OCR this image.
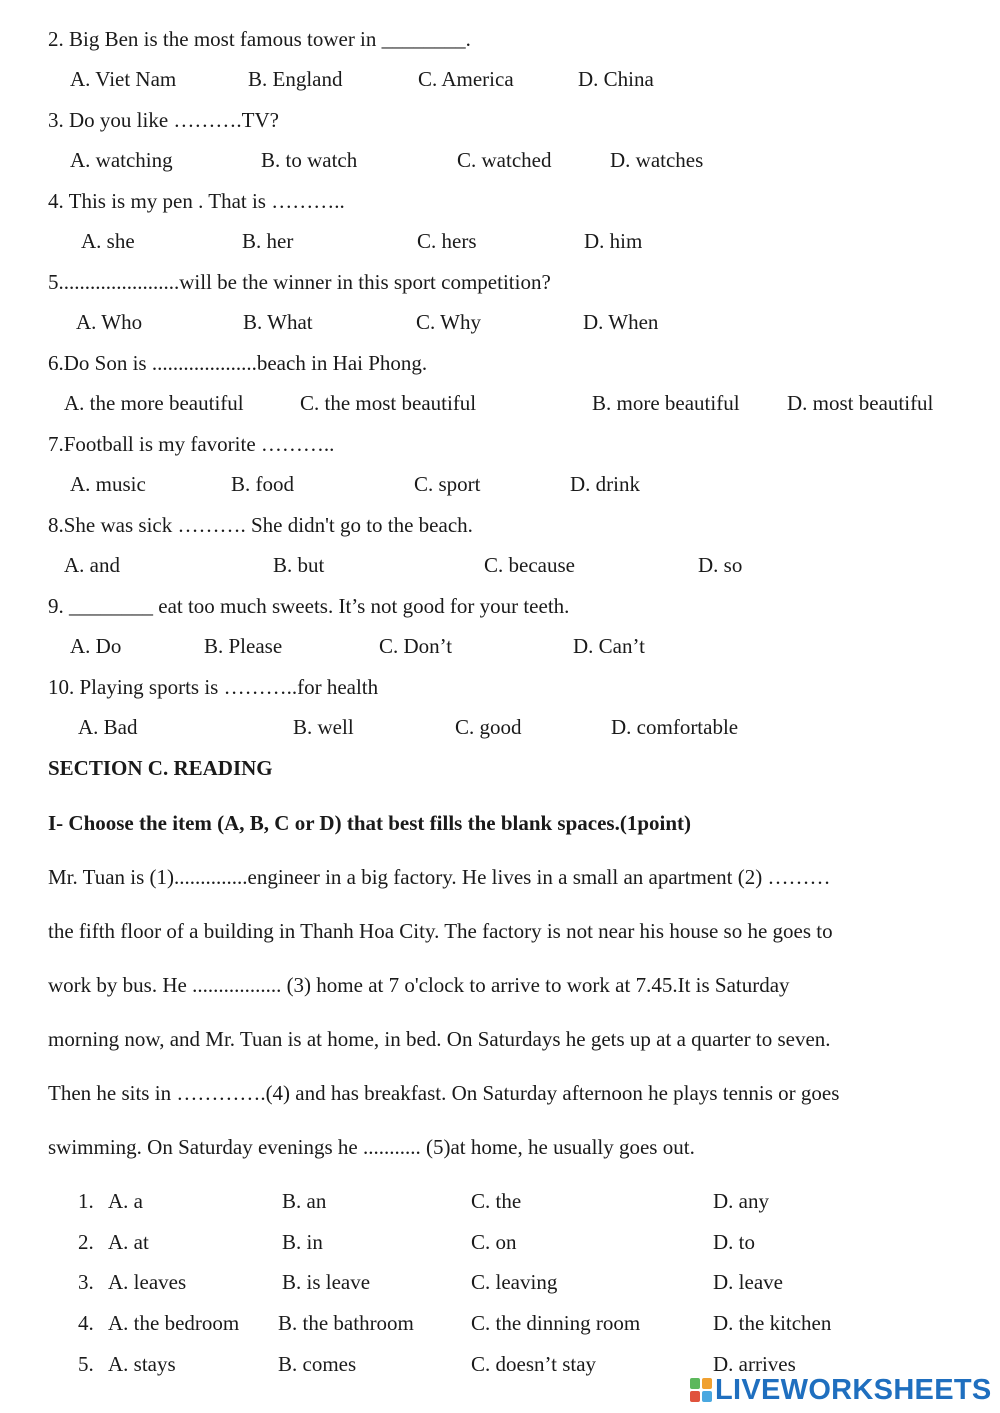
2. Big Ben is the most famous tower in ________.
A. Viet Nam	B. England	C. America	D. China
3. Do you like ……….TV?
A. watching	B. to watch	C. watched	D. watches
4. This is my pen . That is ………..
A. she	B. her	C. hers	D. him
5.......................will be the winner in this sport competition?
A. Who	B. What	C. Why	D. When
6.Do Son is ....................beach in Hai Phong.
A. the more beautiful	C. the most beautiful	B. more beautiful D. most beautiful
7.Football is my favorite ………..
A. music	B. food	C. sport	D. drink
8.She was sick ………. She didn't go to the beach.
A. and	B. but	C. because	D. so
9. ________ eat too much sweets. It’s not good for your teeth.
A. Do	B. Please	C. Don’t	D. Can’t
10. Playing sports is ………..for health
A. Bad	B. well	C. good	D. comfortable
SECTION C. READING
I- Choose the item (A, B, C or D) that best fills the blank spaces.(1point)
Mr. Tuan is (1)..............engineer in a big factory. He lives in a small an apartment (2) ………
the fifth floor of a building in Thanh Hoa City. The factory is not near his house so he goes to
work by bus. He ................. (3) home at 7 o'clock to arrive to work at 7.45.It is Saturday
morning now, and Mr. Tuan is at home, in bed. On Saturdays he gets up at a quarter to seven.
Then he sits in ………….(4) and has breakfast. On Saturday afternoon he plays tennis or goes
swimming. On Saturday evenings he ........... (5)at home, he usually goes out.
1. A. a	B. an	C. the	D. any
2. A. at	B. in	C. on	D. to
3. A. leaves	B. is leave	C. leaving	D. leave
4. A. the bedroom B. the bathroom	C. the dinning room	D. the kitchen
5. A. stays	B. comes	C. doesn’t stay	D. arrives
LIVEWORKSHEETS
